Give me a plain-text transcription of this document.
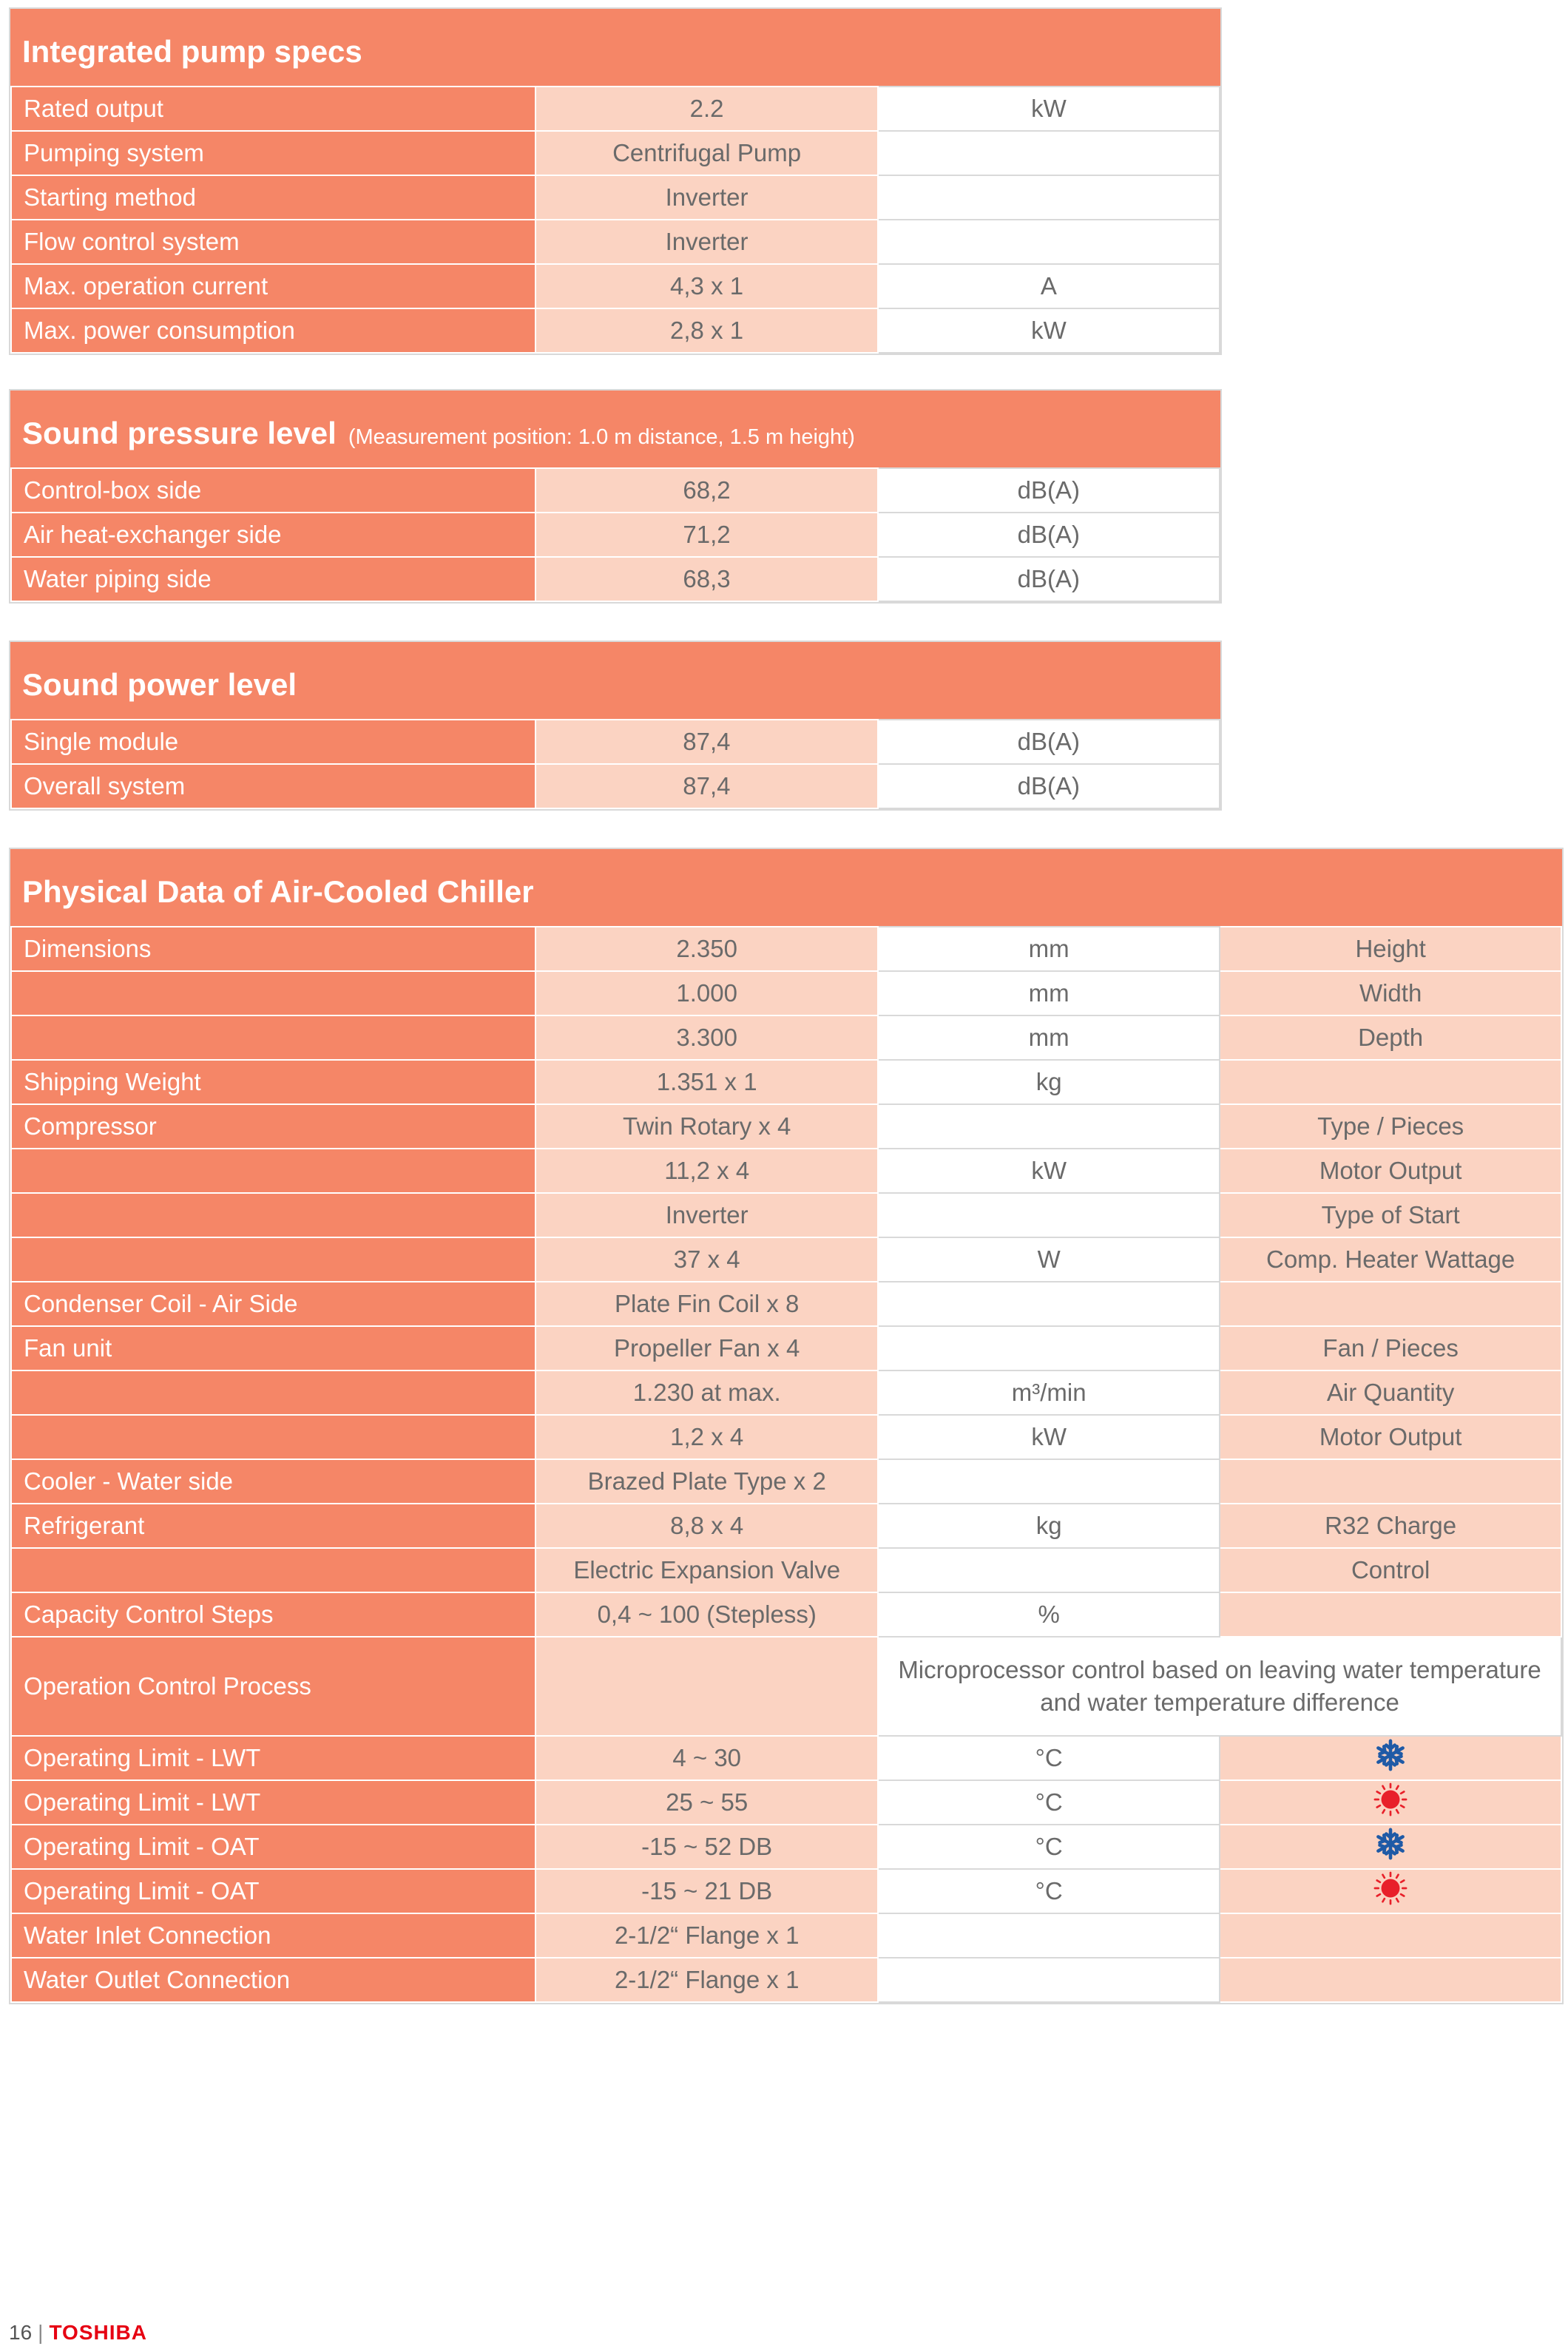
Integrated pump specs
Rated output	2.2	kW
Pumping system	Centrifugal Pump	
Starting method	Inverter	
Flow control system	Inverter	
Max. operation current	4,3 x 1	A
Max. power consumption	2,8 x 1	kW
Sound pressure level (Measurement position: 1.0 m distance, 1.5 m height)
Control-box side	68,2	dB(A)
Air heat-exchanger side	71,2	dB(A)
Water piping side	68,3	dB(A)
Sound power level
Single module	87,4	dB(A)
Overall system	87,4	dB(A)
Physical Data of Air-Cooled Chiller
Dimensions	2.350	mm	Height
	1.000	mm	Width
	3.300	mm	Depth
Shipping Weight	1.351 x 1	kg	
Compressor	Twin Rotary x 4		Type / Pieces
	11,2 x 4	kW	Motor Output
	Inverter		Type of Start
	37 x 4	W	Comp. Heater Wattage
Condenser Coil - Air Side	Plate Fin Coil x 8		
Fan unit	Propeller Fan x 4		Fan / Pieces
	1.230 at max.	m³/min	Air Quantity
	1,2 x 4	kW	Motor Output
Cooler - Water side	Brazed Plate Type x 2		
Refrigerant	8,8 x 4	kg	R32 Charge
	Electric Expansion Valve		Control
Capacity Control Steps	0,4 ~ 100 (Stepless)	%	
Operation Control Process		Microprocessor control based on leaving water temperature and water temperature difference	
Operating Limit - LWT	4 ~ 30	°C	
Operating Limit - LWT	25 ~ 55	°C	
Operating Limit - OAT	-15 ~ 52 DB	°C	
Operating Limit - OAT	-15 ~ 21 DB	°C	
Water Inlet Connection	2-1/2“ Flange x 1		
Water Outlet Connection	2-1/2“ Flange x 1		
16 | TOSHIBA
